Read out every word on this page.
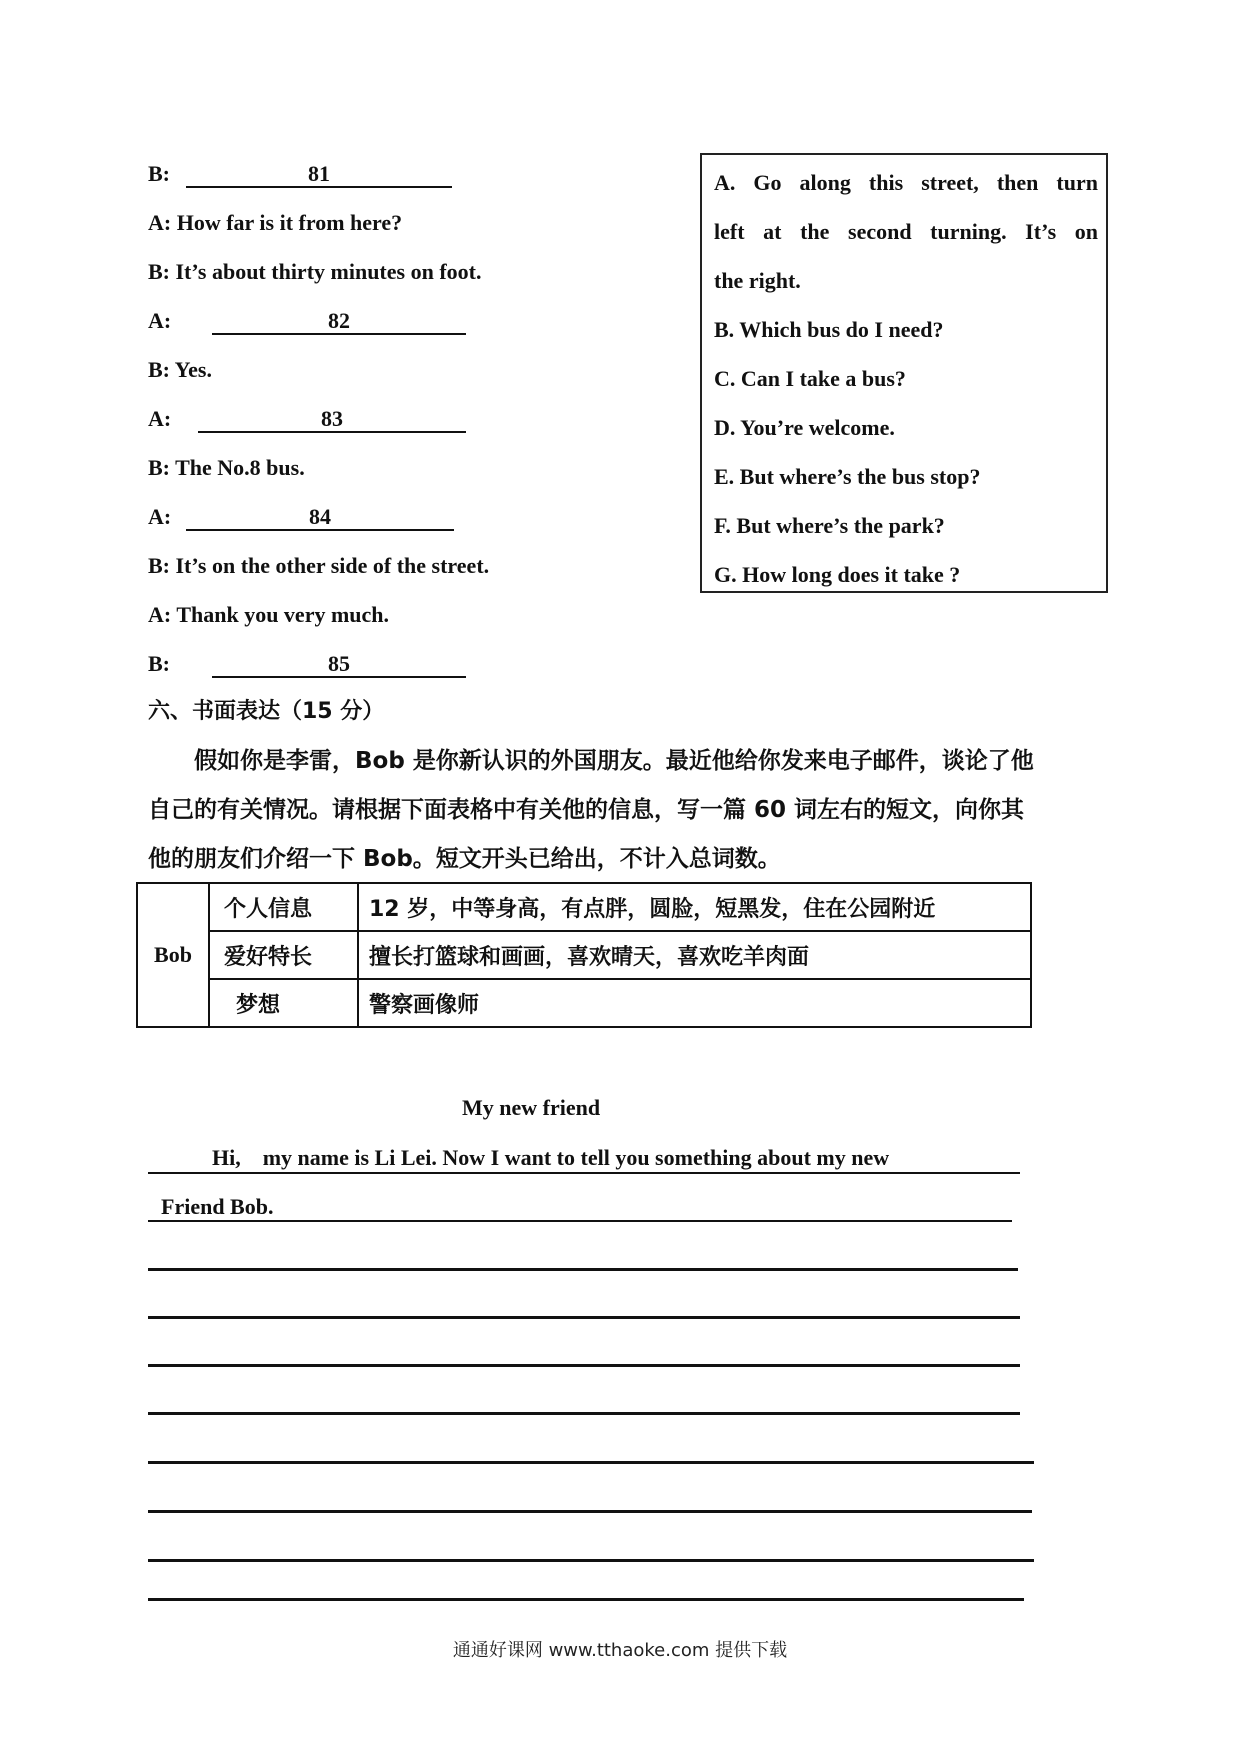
B:	81
A: How far is it from here?
B: It’s about thirty minutes on foot.
A:	82
B: Yes.
A:	83
B: The No.8 bus.
A:	84
B: It’s on the other side of the street.
A: Thank you very much.
B:	85
A. Go along this street, then turn
left at the second turning. It’s on
the right.
B. Which bus do I need?
C. Can I take a bus?
D. You’re welcome.
E. But where’s the bus stop?
F. But where’s the park?
G. How long does it take ?
六、书面表达（15 分）
假如你是李雷，Bob 是你新认识的外国朋友。最近他给你发来电子邮件，谈论了他
自己的有关情况。请根据下面表格中有关他的信息，写一篇 60 词左右的短文，向你其
他的朋友们介绍一下 Bob。短文开头已给出，不计入总词数。
Bob	个人信息	12 岁，中等身高，有点胖，圆脸，短黑发，住在公园附近
	爱好特长	擅长打篮球和画画，喜欢晴天，喜欢吃羊肉面
	梦想	警察画像师
My new friend
Hi,    my name is Li Lei. Now I want to tell you something about my new
Friend Bob.
通通好课网 www.tthaoke.com 提供下载
